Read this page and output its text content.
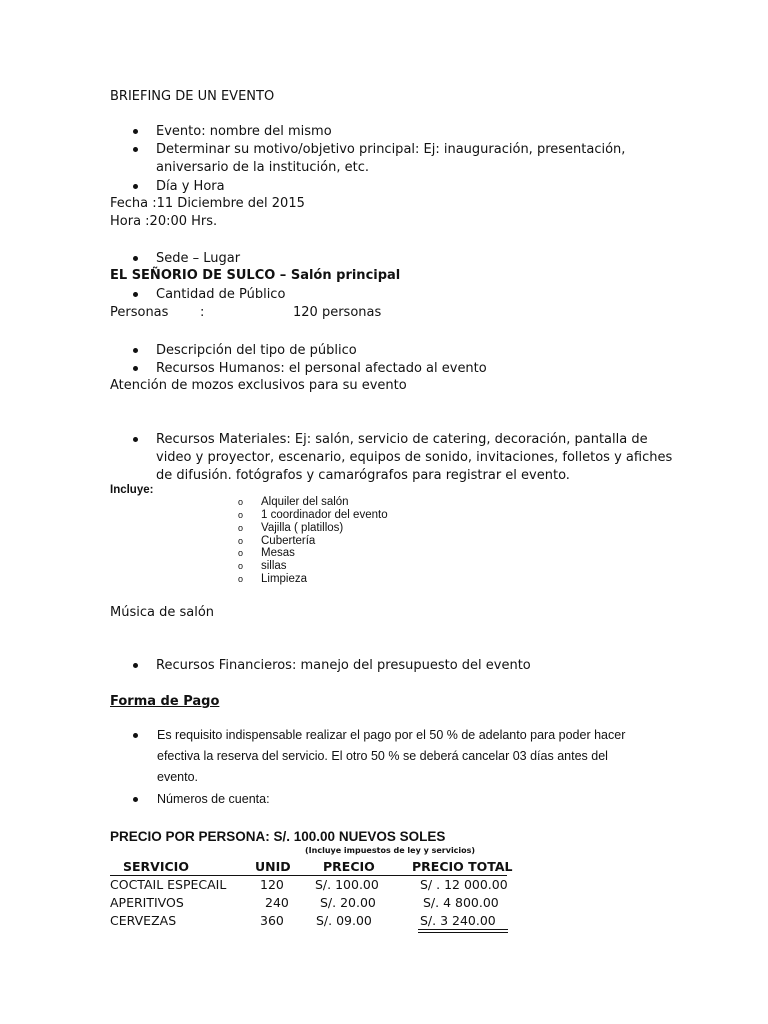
BRIEFING DE UN EVENTO
Evento: nombre del mismo
Determinar su motivo/objetivo principal: Ej: inauguración, presentación,
aniversario de la institución, etc.
Día y Hora
Fecha :11 Diciembre del 2015
Hora :20:00 Hrs.
Sede – Lugar
EL SEÑORIO DE SULCO – Salón principal
Cantidad de Público
Personas :	120 personas
Descripción del tipo de público
Recursos Humanos: el personal afectado al evento
Atención de mozos exclusivos para su evento
Recursos Materiales: Ej: salón, servicio de catering, decoración, pantalla de
video y proyector, escenario, equipos de sonido, invitaciones, folletos y afiches
de difusión. fotógrafos y camarógrafos para registrar el evento.
Incluye:
o Alquiler del salón
o 1 coordinador del evento
o Vajilla ( platillos)
o Cubertería
o Mesas
o sillas
o Limpieza
Música de salón
Recursos Financieros: manejo del presupuesto del evento
Forma de Pago
Es requisito indispensable realizar el pago por el 50 % de adelanto para poder hacer
efectiva la reserva del servicio. El otro 50 % se deberá cancelar 03 días antes del
evento.
Números de cuenta:
PRECIO POR PERSONA: S/. 100.00 NUEVOS SOLES
(Incluye impuestos de ley y servicios)
SERVICIO	UNID	PRECIO	PRECIO TOTAL
COCTAIL ESPECAIL	120 S/. 100.00	S/ . 12 000.00
APERITIVOS	240 S/. 20.00	S/. 4 800.00
CERVEZAS	360	S/. 09.00	S/. 3 240.00
